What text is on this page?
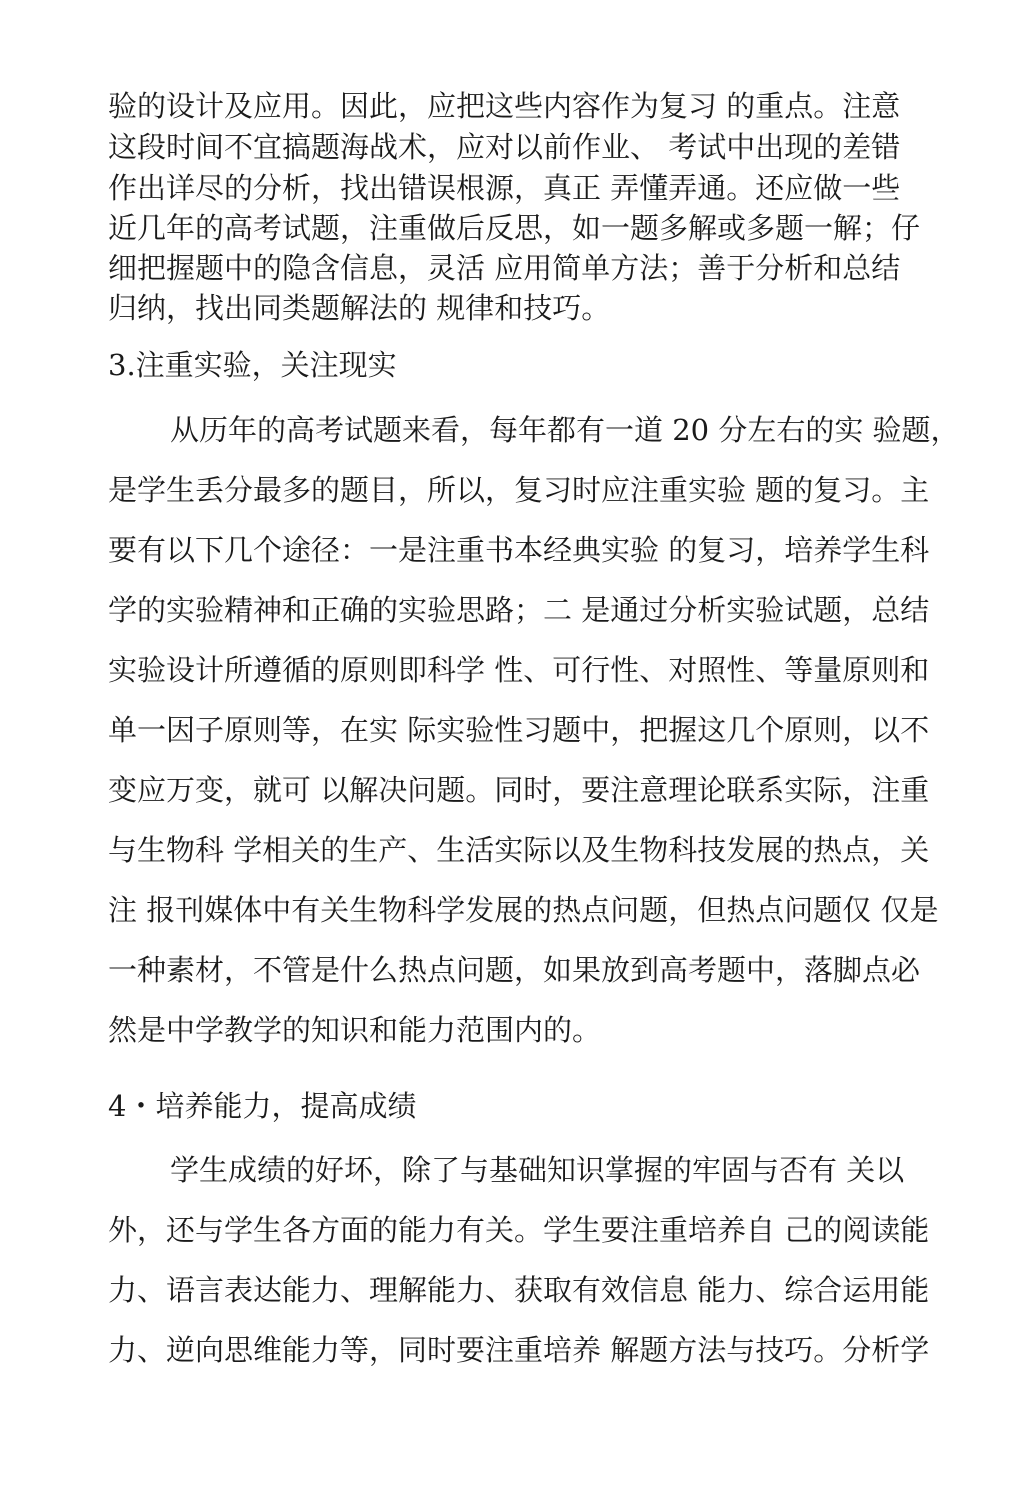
验的设计及应用。因此，应把这些内容作为复习 的重点。注意
这段时间不宜搞题海战术，应对以前作业、 考试中出现的差错
作出详尽的分析，找出错误根源，真正 弄懂弄通。还应做一些
近几年的高考试题，注重做后反思，如一题多解或多题一解；仔
细把握题中的隐含信息，灵活 应用简单方法；善于分析和总结
归纳，找出同类题解法的 规律和技巧。
3.注重实验，关注现实
从历年的高考试题来看，每年都有一道 20 分左右的实 验题，
是学生丢分最多的题目，所以，复习时应注重实验 题的复习。主
要有以下几个途径：一是注重书本经典实验 的复习，培养学生科
学的实验精神和正确的实验思路；二 是通过分析实验试题，总结
实验设计所遵循的原则即科学 性、可行性、对照性、等量原则和
单一因子原则等，在实 际实验性习题中，把握这几个原则，以不
变应万变，就可 以解决问题。同时，要注意理论联系实际，注重
与生物科 学相关的生产、生活实际以及生物科技发展的热点，关
注 报刊媒体中有关生物科学发展的热点问题，但热点问题仅 仅是
一种素材，不管是什么热点问题，如果放到高考题中，落脚点必
然是中学教学的知识和能力范围内的。
4・培养能力，提高成绩
学生成绩的好坏，除了与基础知识掌握的牢固与否有 关以
外，还与学生各方面的能力有关。学生要注重培养自 己的阅读能
力、语言表达能力、理解能力、获取有效信息 能力、综合运用能
力、逆向思维能力等，同时要注重培养 解题方法与技巧。分析学
